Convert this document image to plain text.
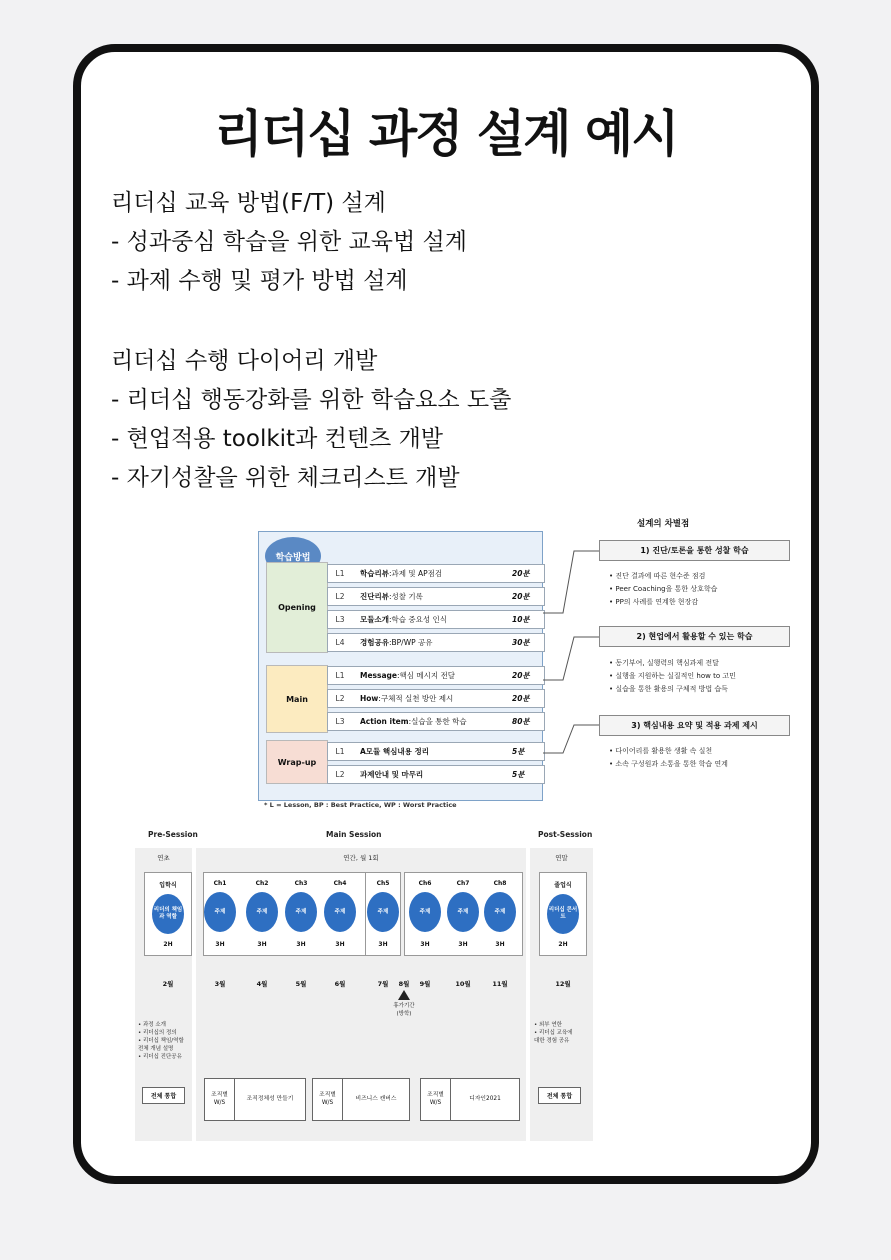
리더십 과정 설계 예시
리더십 교육 방법(F/T) 설계
- 성과중심 학습을 위한 교육법 설계
- 과제 수행 및 평가 방법 설계
리더십 수행 다이어리 개발
- 리더십 행동강화를 위한 학습요소 도출
- 현업적용 toolkit과 컨텐츠 개발
- 자기성찰을 위한 체크리스트 개발
학습방법
Opening
Main
Wrap-up
L1	학습리뷰:과제 및 AP점검	20분
L2	진단리뷰:성찰 기록	20분
L3	모듈소개:학습 중요성 인식	10분
L4	경험공유:BP/WP 공유	30분
L1	Message:핵심 메시지 전달	20분
L2	How:구체적 실천 방안 제시	20분
L3	Action item:실습을 통한 학습	80분
L1	A모듈 핵심내용 정리	5분
L2	과제안내 및 마무리	5분
* L = Lesson, BP : Best Practice, WP : Worst Practice
설계의 차별점
1) 진단/토론을 통한 성찰 학습
• 진단 결과에 따른 현수준 점검
• Peer Coaching을 통한 상호학습
• PP의 사례를 연계한 현장감
2) 현업에서 활용할 수 있는 학습
• 동기부여, 실행력의 핵심과제 전달
• 실행을 지원하는 실질적인 how to 고민
• 실습을 통한 활용의 구체적 방법 습득
3) 핵심내용 요약 및 적용 과제 제시
• 다이어리를 활용한 생활 속 실천
• 소속 구성원과 소통을 통한 학습 연계
Pre-Session	Main Session	Post-Session
연초	연간, 월 1회	연말
입학식
리더의 책임과 역할
2H
2월
• 과정 소개
• 리더십의 정의
• 리더십 책임/역할
전체 개념 설명
• 리더십 진단공유
전체 통합
Ch1
주제
3H
3월
Ch2
주제
3H
4월
Ch3
주제
3H
5월
Ch4
주제
3H
6월
Ch5
주제
3H
7월
Ch6
주제
3H
9월
Ch7
주제
3H
10월
Ch8
주제
3H
11월
8월
휴가기간
(방학)
조직별 W/S
조직정체성 만들기
조직별 W/S
비즈니스 캔버스
조직별 W/S
디자인2021
졸업식
리더십 콘서트
2H
12월
• 외부 연한
• 리더십 교육에
대한 경험 공유
전체 통합
